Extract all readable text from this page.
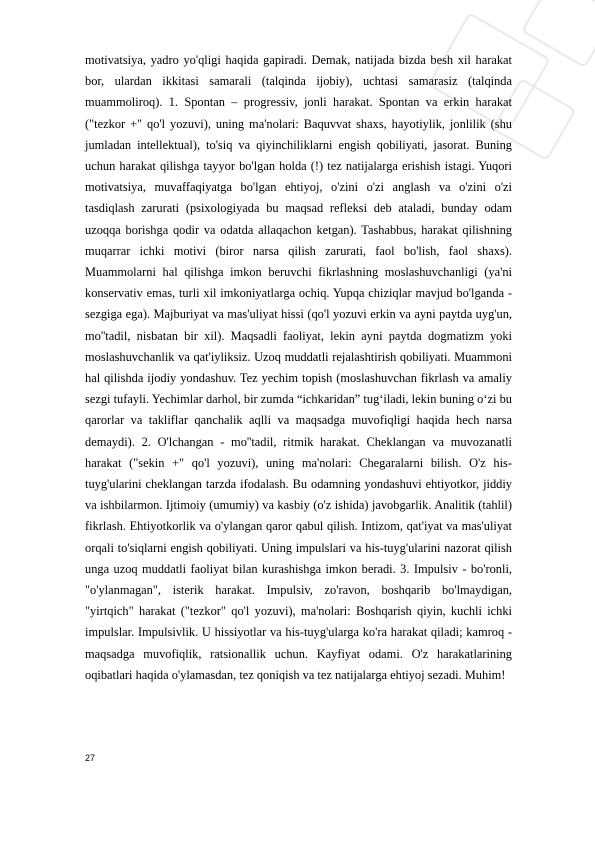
motivatsiya, yadro yo'qligi haqida gapiradi. Demak, natijada bizda besh xil harakat bor, ulardan ikkitasi samarali (talqinda ijobiy), uchtasi samarasiz (talqinda muammoliroq). 1. Spontan – progressiv, jonli harakat. Spontan va erkin harakat ("tezkor +" qo'l yozuvi), uning ma'nolari: Baquvvat shaxs, hayotiylik, jonlilik (shu jumladan intellektual), to'siq va qiyinchiliklarni engish qobiliyati, jasorat. Buning uchun harakat qilishga tayyor bo'lgan holda (!) tez natijalarga erishish istagi. Yuqori motivatsiya, muvaffaqiyatga bo'lgan ehtiyoj, o'zini o'zi anglash va o'zini o'zi tasdiqlash zarurati (psixologiyada bu maqsad refleksi deb ataladi, bunday odam uzoqqa borishga qodir va odatda allaqachon ketgan). Tashabbus, harakat qilishning muqarrar ichki motivi (biror narsa qilish zarurati, faol bo'lish, faol shaxs). Muammolarni hal qilishga imkon beruvchi fikrlashning moslashuvchanligi (ya'ni konservativ emas, turli xil imkoniyatlarga ochiq. Yupqa chiziqlar mavjud bo'lganda - sezgiga ega). Majburiyat va mas'uliyat hissi (qo'l yozuvi erkin va ayni paytda uyg'un, mo''tadil, nisbatan bir xil). Maqsadli faoliyat, lekin ayni paytda dogmatizm yoki moslashuvchanlik va qat'iyliksiz. Uzoq muddatli rejalashtirish qobiliyati. Muammoni hal qilishda ijodiy yondashuv. Tez yechim topish (moslashuvchan fikrlash va amaliy sezgi tufayli. Yechimlar darhol, bir zumda “ichkaridan” tug‘iladi, lekin buning o‘zi bu qarorlar va takliflar qanchalik aqlli va maqsadga muvofiqligi haqida hech narsa demaydi). 2. O'lchangan - mo''tadil, ritmik harakat. Cheklangan va muvozanatli harakat ("sekin +" qo'l yozuvi), uning ma'nolari: Chegaralarni bilish. O'z his-tuyg'ularini cheklangan tarzda ifodalash. Bu odamning yondashuvi ehtiyotkor, jiddiy va ishbilarmon. Ijtimoiy (umumiy) va kasbiy (o'z ishida) javobgarlik. Analitik (tahlil) fikrlash. Ehtiyotkorlik va o'ylangan qaror qabul qilish. Intizom, qat'iyat va mas'uliyat orqali to'siqlarni engish qobiliyati. Uning impulslari va his-tuyg'ularini nazorat qilish unga uzoq muddatli faoliyat bilan kurashishga imkon beradi. 3. Impulsiv - bo'ronli, "o'ylanmagan", isterik harakat. Impulsiv, zo'ravon, boshqarib bo'lmaydigan, "yirtqich" harakat ("tezkor" qo'l yozuvi), ma'nolari: Boshqarish qiyin, kuchli ichki impulslar. Impulsivlik. U hissiyotlar va his-tuyg'ularga ko'ra harakat qiladi; kamroq - maqsadga muvofiqlik, ratsionallik uchun. Kayfiyat odami. O'z harakatlarining oqibatlari haqida o'ylamasdan, tez qoniqish va tez natijalarga ehtiyoj sezadi. Muhim!

27
